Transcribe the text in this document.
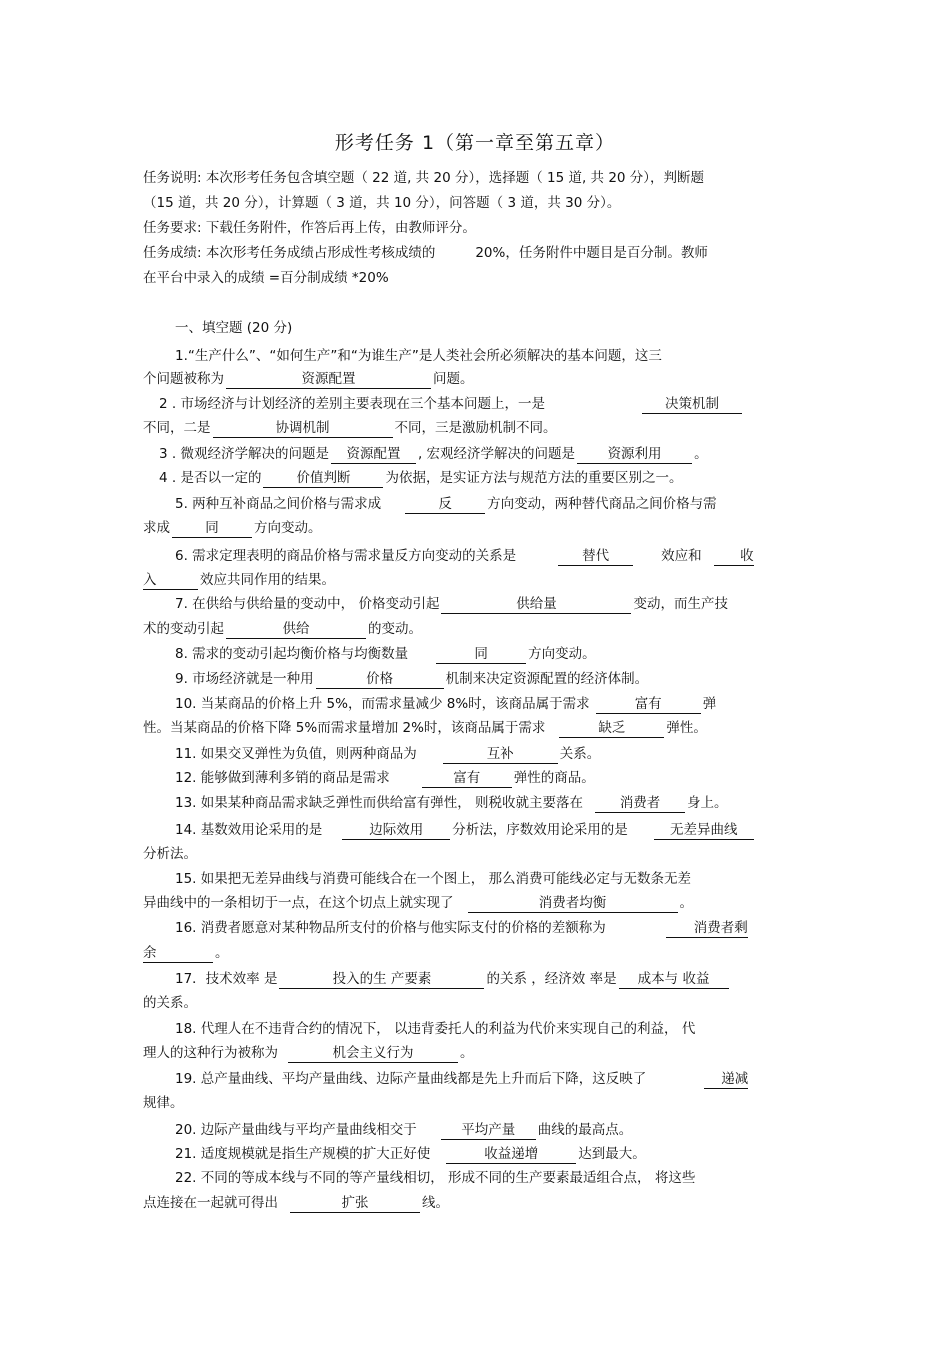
形考任务 1（第一章至第五章）
任务说明: 本次形考任务包含填空题（ 22 道, 共 20 分），选择题（ 15 道, 共 20 分），判断题
（15 道，共 20 分），计算题（ 3 道，共 10 分），问答题（ 3 道，共 30 分）。
任务要求: 下载任务附件，作答后再上传，由教师评分。
任务成绩: 本次形考任务成绩占形成性考核成绩的	20%，任务附件中题目是百分制。教师
在平台中录入的成绩 =百分制成绩 *20%
一、填空题 (20 分)
1.“生产什么”、“如何生产”和“为谁生产”是人类社会所必须解决的基本问题，这三
个问题被称为	资源配置	问题。
2 . 市场经济与计划经济的差别主要表现在三个基本问题上，一是	决策机制
不同，二是	协调机制	不同，三是激励机制不同。
3 . 微观经济学解决的问题是 资源配置 , 宏观经济学解决的问题是 资源利用 。
4 . 是否以一定的	价值判断	为依据，是实证方法与规范方法的重要区别之一。
5. 两种互补商品之间价格与需求成	反	方向变动，两种替代商品之间价格与需
求成	同	方向变动。
6. 需求定理表明的商品价格与需求量反方向变动的关系是	替代	效应和	收
入	效应共同作用的结果。
7. 在供给与供给量的变动中， 价格变动引起	供给量	变动，而生产技
术的变动引起	供给	的变动。
8. 需求的变动引起均衡价格与均衡数量	同	方向变动。
9. 市场经济就是一种用	价格	机制来决定资源配置的经济体制。
10. 当某商品的价格上升 5%，而需求量减少 8%时，该商品属于需求	富有	弹
性。当某商品的价格下降 5%而需求量增加 2%时，该商品属于需求	缺乏	弹性。
11. 如果交叉弹性为负值，则两种商品为	互补	关系。
12. 能够做到薄利多销的商品是需求	富有 弹性的商品。
13. 如果某种商品需求缺乏弹性而供给富有弹性， 则税收就主要落在	消费者 身上。
14. 基数效用论采用的是	边际效用 分析法，序数效用论采用的是	无差异曲线
分析法。
15. 如果把无差异曲线与消费可能线合在一个图上， 那么消费可能线必定与无数条无差
异曲线中的一条相切于一点，在这个切点上就实现了	消费者均衡	。
16. 消费者愿意对某种物品所支付的价格与他实际支付的价格的差额称为	消费者剩
余	。
17．技术效率 是	投入的生 产要素	的关系 ，经济效 率是 成本与 收益
的关系。
18. 代理人在不违背合约的情况下， 以违背委托人的利益为代价来实现自己的利益， 代
理人的这种行为被称为	机会主义行为	。
19. 总产量曲线、平均产量曲线、边际产量曲线都是先上升而后下降，这反映了	递减
规律。
20. 边际产量曲线与平均产量曲线相交于	平均产量 曲线的最高点。
21. 适度规模就是指生产规模的扩大正好使	收益递增	达到最大。
22. 不同的等成本线与不同的等产量线相切， 形成不同的生产要素最适组合点， 将这些
点连接在一起就可得出	扩张	线。
